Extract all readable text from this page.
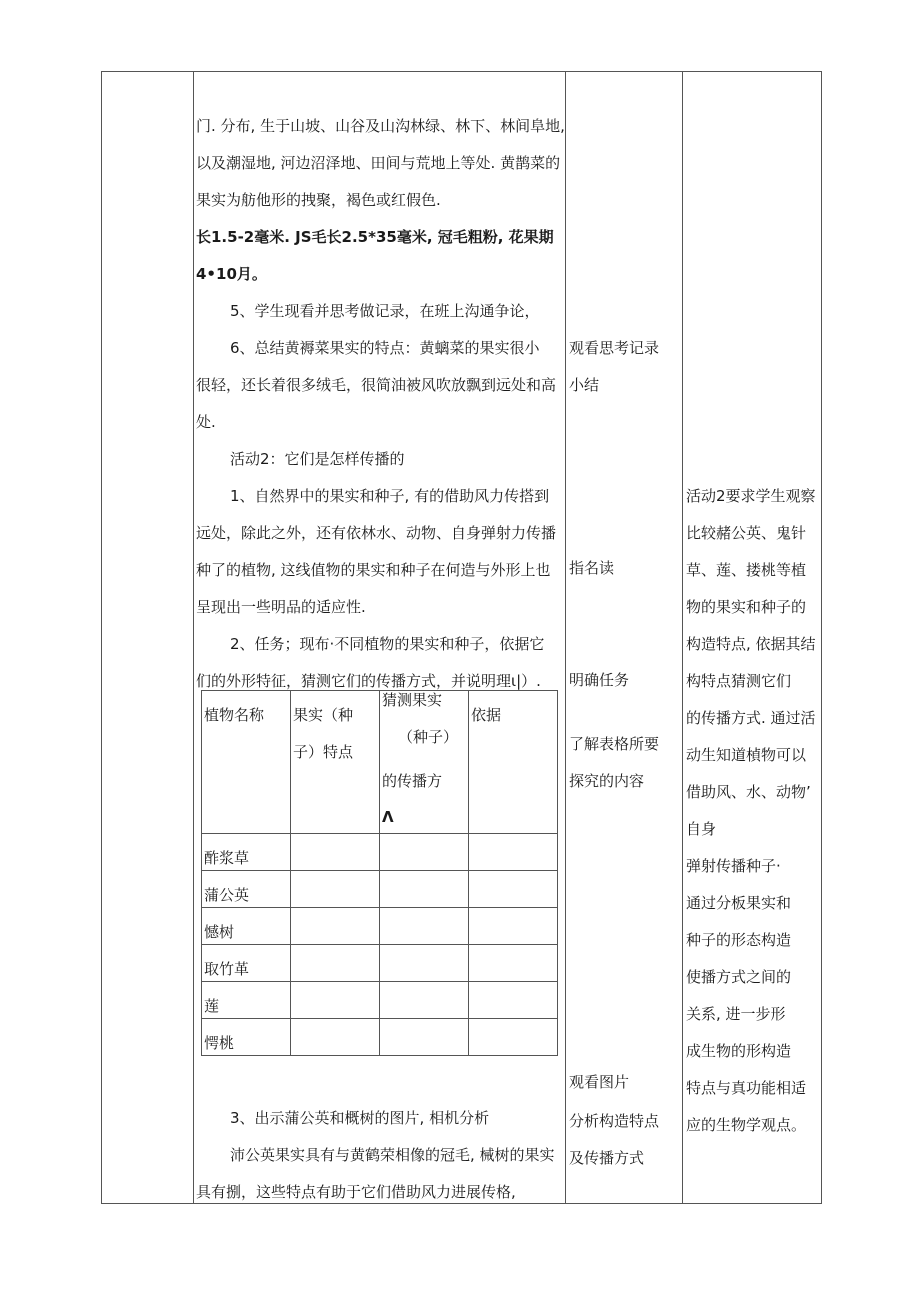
门. 分布, 生于山坡、山谷及山沟林绿、林下、林间阜地,
以及潮湿地, 河边沼泽地、田间与荒地上等处. 黄鹊菜的
果实为舫他形的拽聚，褐色或红假色.
长1.5-2毫米. JS毛长2.5*35毫米, 冠毛粗粉, 花果期
4•10月。
5、学生现看并思考做记录，在班上沟通争论，
6、总结黄褥菜果实的特点：黄螭菜的果实很小
很轻，还长着很多绒毛，很简油被风吹放飘到远处和高
处.
活动2：它们是怎样传播的
1、自然界中的果实和种子, 有的借助风力传搭到
远处，除此之外，还有依林水、动物、自身弹射力传播
种了的植物, 这线值物的果实和种子在何造与外形上也
呈现出一些明品的适应性.
2、任务；现布·不同植物的果实和种子，依据它
们的外形特征，猜测它们的传播方式，并说明理ι|）.
植物名称 果实（种
子）特点
猜测果实
（种子）
的传播方
Λ
依据
酢浆草
蒲公英
憾树
取竹革
莲
愕桃
3、出示蒲公英和概树的图片, 相机分析
沛公英果实具有与黄鹤荣相像的冠毛, 械树的果实
具有捌，这些特点有助于它们借助风力进展传格,
观看思考记录
小结
指名读
明确任务
了解表格所要
探究的内容
观看图片
分析构造特点
及传播方式
活动2要求学生观察
比较赭公英、鬼针
草、莲、搂桃等植
物的果实和种子的
构造特点, 依据其结
构特点猜测它们
的传播方式. 通过活
动生知道楨物可以
借助风、水、动物’
自身
弹射传播种子·
通过分板果实和
种子的形态构造
使播方式之间的
关系, 进一步形
成生物的形构造
特点与真功能相适
应的生物学观点。
